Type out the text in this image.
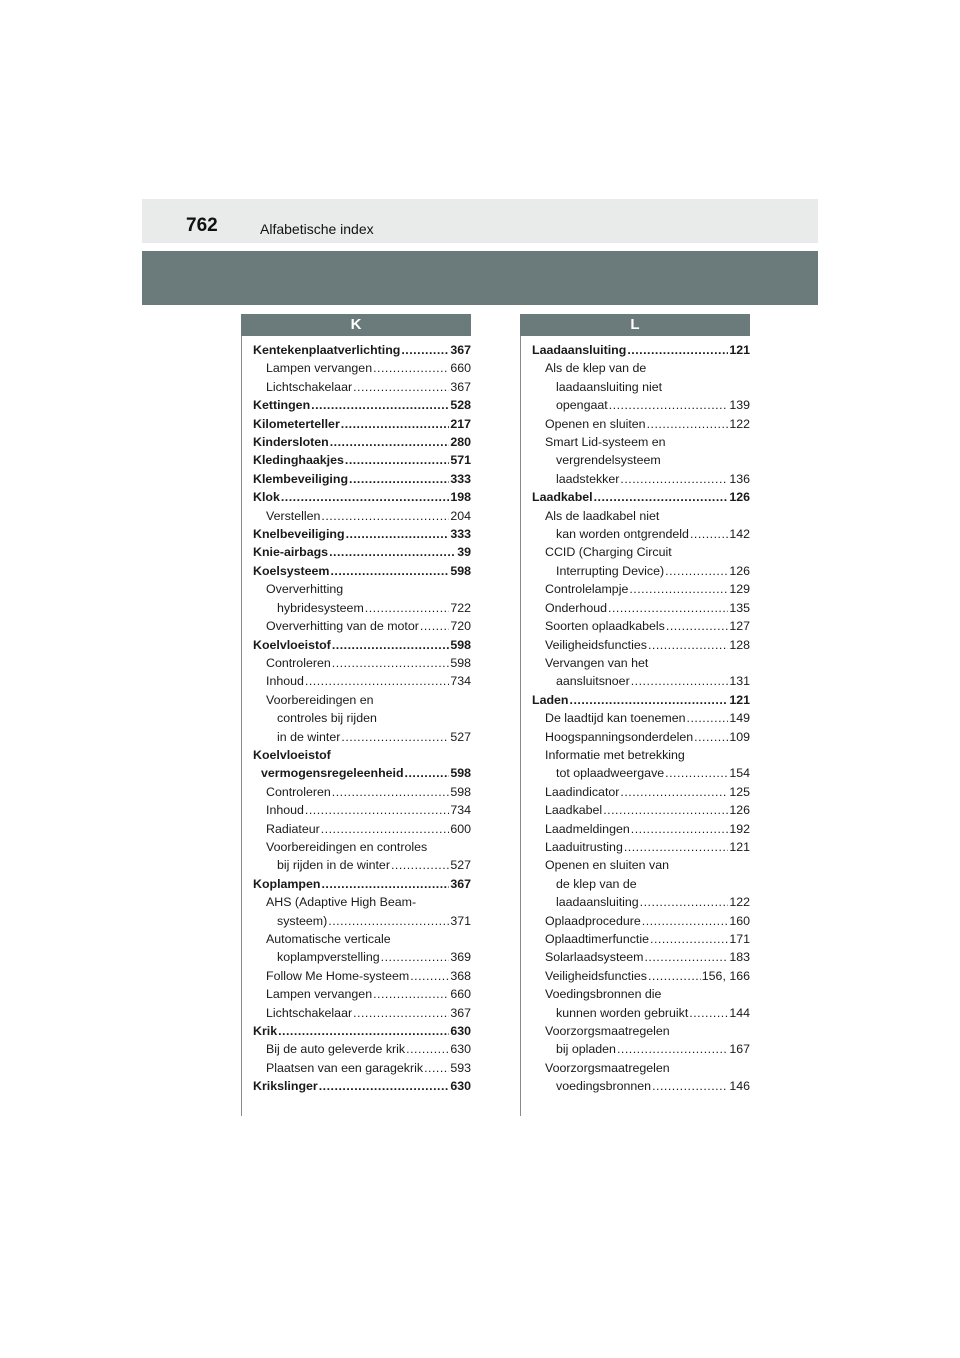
762	Alfabetische index
K
Kentekenplaatverlichting .....	367
Lampen vervangen .....	660
Lichtschakelaar .....	367
Kettingen .....	528
Kilometerteller .....	217
Kindersloten .....	280
Kledinghaakjes .....	571
Klembeveiliging .....	333
Klok .....	198
Verstellen .....	204
Knelbeveiliging .....	333
Knie-airbags .....	39
Koelsysteem .....	598
Oververhitting
hybridesysteem .....	722
Oververhitting van de motor .....	720
Koelvloeistof .....	598
Controleren .....	598
Inhoud .....	734
Voorbereidingen en
controles bij rijden
in de winter .....	527
Koelvloeistof
vermogensregeleenheid .....	598
Controleren .....	598
Inhoud .....	734
Radiateur .....	600
Voorbereidingen en controles
bij rijden in de winter .....	527
Koplampen .....	367
AHS (Adaptive High Beam-
systeem) .....	371
Automatische verticale
koplampverstelling .....	369
Follow Me Home-systeem .....	368
Lampen vervangen .....	660
Lichtschakelaar .....	367
Krik .....	630
Bij de auto geleverde krik .....	630
Plaatsen van een garagekrik ..... 593
Krikslinger .....	630
L
Laadaansluiting .....	121
Als de klep van de
laadaansluiting niet
opengaat .....	139
Openen en sluiten .....	122
Smart Lid-systeem en
vergrendelsysteem
laadstekker .....	136
Laadkabel .....	126
Als de laadkabel niet
kan worden ontgrendeld .....	142
CCID (Charging Circuit
Interrupting Device) .....	126
Controlelampje .....	129
Onderhoud .....	135
Soorten oplaadkabels .....	127
Veiligheidsfuncties .....	128
Vervangen van het
aansluitsnoer .....	131
Laden .....	121
De laadtijd kan toenemen .....	149
Hoogspanningsonderdelen .....	109
Informatie met betrekking
tot oplaadweergave .....	154
Laadindicator .....	125
Laadkabel .....	126
Laadmeldingen .....	192
Laaduitrusting .....	121
Openen en sluiten van
de klep van de
laadaansluiting .....	122
Oplaadprocedure .....	160
Oplaadtimerfunctie .....	171
Solarlaadsysteem .....	183
Veiligheidsfuncties .....	156, 166
Voedingsbronnen die
kunnen worden gebruikt .....	144
Voorzorgsmaatregelen
bij opladen .....	167
Voorzorgsmaatregelen
voedingsbronnen .....	146
